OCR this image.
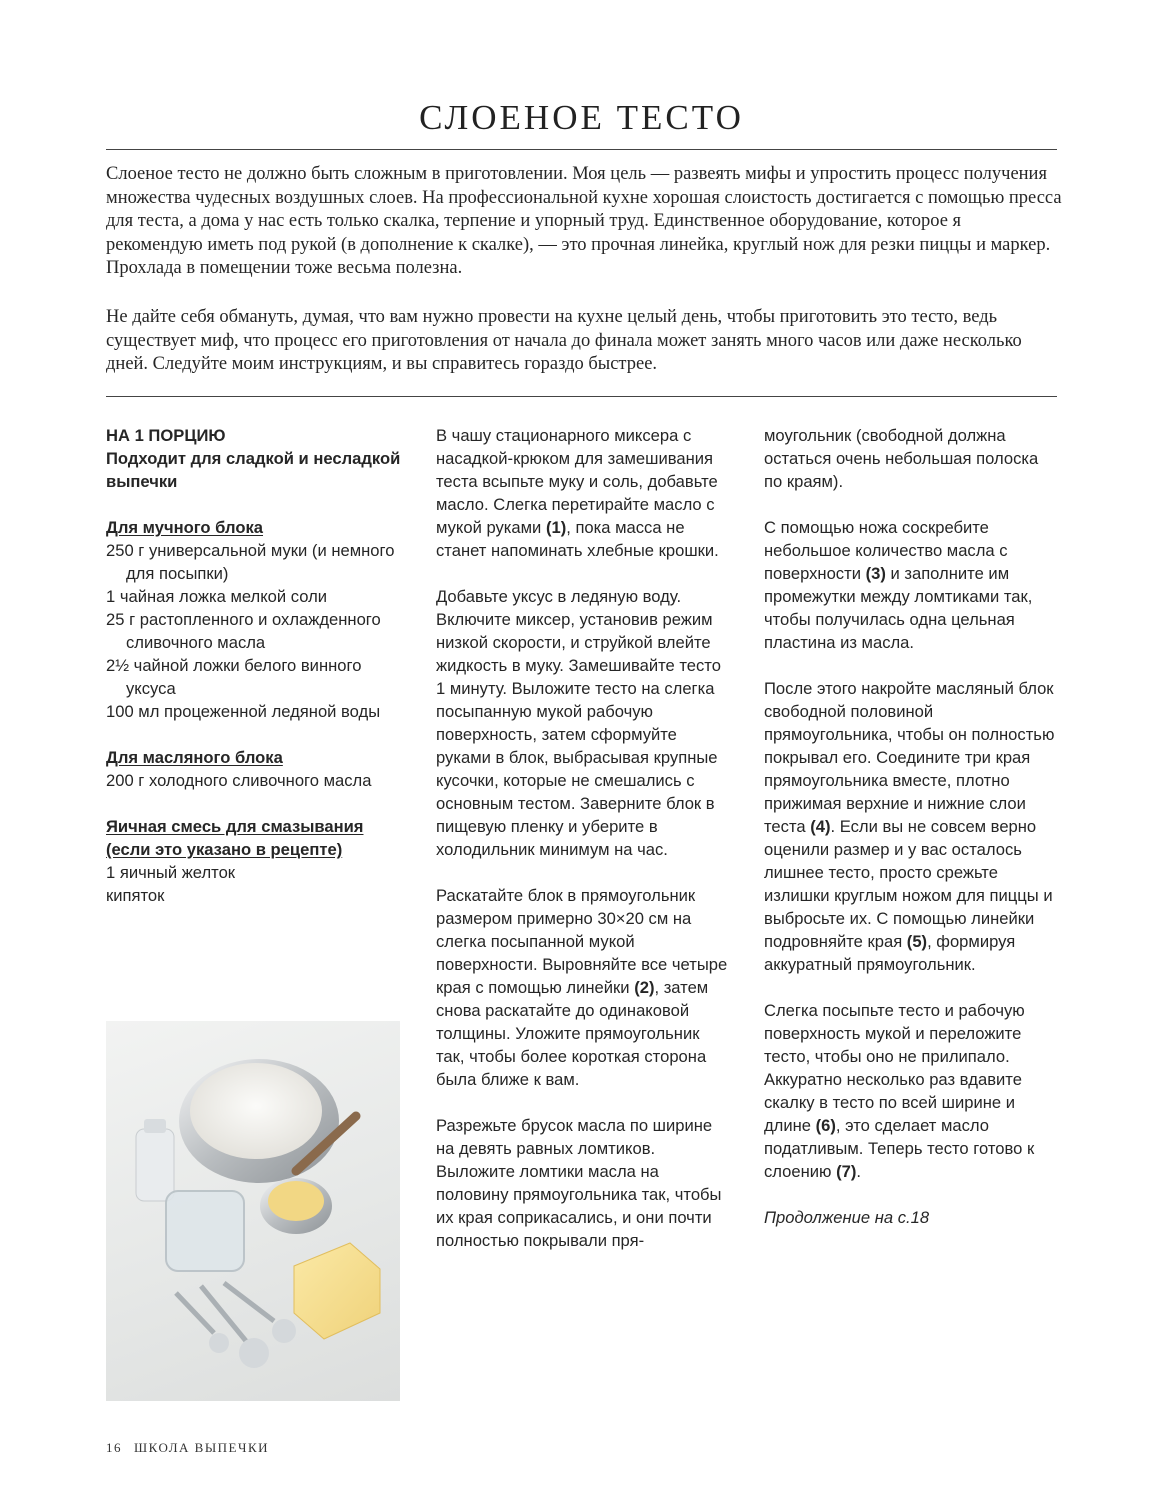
СЛОЕНОЕ ТЕСТО

Слоеное тесто не должно быть сложным в приготовлении. Моя цель — развеять мифы и упростить процесс получения множества чудесных воздушных слоев. На профессиональной кухне хорошая слоистость достигается с помощью пресса для теста, а дома у нас есть только скалка, терпение и упорный труд. Единственное оборудование, которое я рекомендую иметь под рукой (в дополнение к скалке), — это прочная линейка, круглый нож для резки пиццы и маркер. Прохлада в помещении тоже весьма полезна.

Не дайте себя обмануть, думая, что вам нужно провести на кухне целый день, чтобы приготовить это тесто, ведь существует миф, что процесс его приготовления от начала до финала может занять много часов или даже несколько дней. Следуйте моим инструкциям, и вы справитесь гораздо быстрее.

НА 1 ПОРЦИЮ

Подходит для сладкой и несладкой выпечки

Для мучного блока

250 г универсальной муки (и немного для посыпки)

1 чайная ложка мелкой соли

25 г растопленного и охлажденного сливочного масла

2½ чайной ложки белого винного уксуса

100 мл процеженной ледяной воды

Для масляного блока

200 г холодного сливочного масла

Яичная смесь для смазывания (если это указано в рецепте)

1 яичный желток

кипяток

В чашу стационарного миксера с насадкой-крюком для замешивания теста всыпьте муку и соль, добавьте масло. Слегка перетирайте масло с мукой руками (1), пока масса не станет напоминать хлебные крошки.

Добавьте уксус в ледяную воду. Включите миксер, установив режим низкой скорости, и струйкой влейте жидкость в муку. Замешивайте тесто 1 минуту. Выложите тесто на слегка посыпанную мукой рабочую поверхность, затем сформуйте руками в блок, выбрасывая крупные кусочки, которые не смешались с основным тестом. Заверните блок в пищевую пленку и уберите в холодильник минимум на час.

Раскатайте блок в прямоугольник размером примерно 30×20 см на слегка посыпанной мукой поверхности. Выровняйте все четыре края с помощью линейки (2), затем снова раскатайте до одинаковой толщины. Уложите прямоугольник так, чтобы более короткая сторона была ближе к вам.

Разрежьте брусок масла по ширине на девять равных ломтиков. Выложите ломтики масла на половину прямоугольника так, чтобы их края соприкасались, и они почти полностью покрывали пря-

моугольник (свободной должна остаться очень небольшая полоска по краям).

С помощью ножа соскребите небольшое количество масла с поверхности (3) и заполните им промежутки между ломтиками так, чтобы получилась одна цельная пластина из масла.

После этого накройте масляный блок свободной половиной прямоугольника, чтобы он полностью покрывал его. Соедините три края прямоугольника вместе, плотно прижимая верхние и нижние слои теста (4). Если вы не совсем верно оценили размер и у вас осталось лишнее тесто, просто срежьте излишки круглым ножом для пиццы и выбросьте их. С помощью линейки подровняйте края (5), формируя аккуратный прямоугольник.

Слегка посыпьте тесто и рабочую поверхность мукой и переложите тесто, чтобы оно не прилипало. Аккуратно несколько раз вдавите скалку в тесто по всей ширине и длине (6), это сделает масло податливым. Теперь тесто готово к слоению (7).

Продолжение на с.18

16 ШКОЛА ВЫПЕЧКИ
